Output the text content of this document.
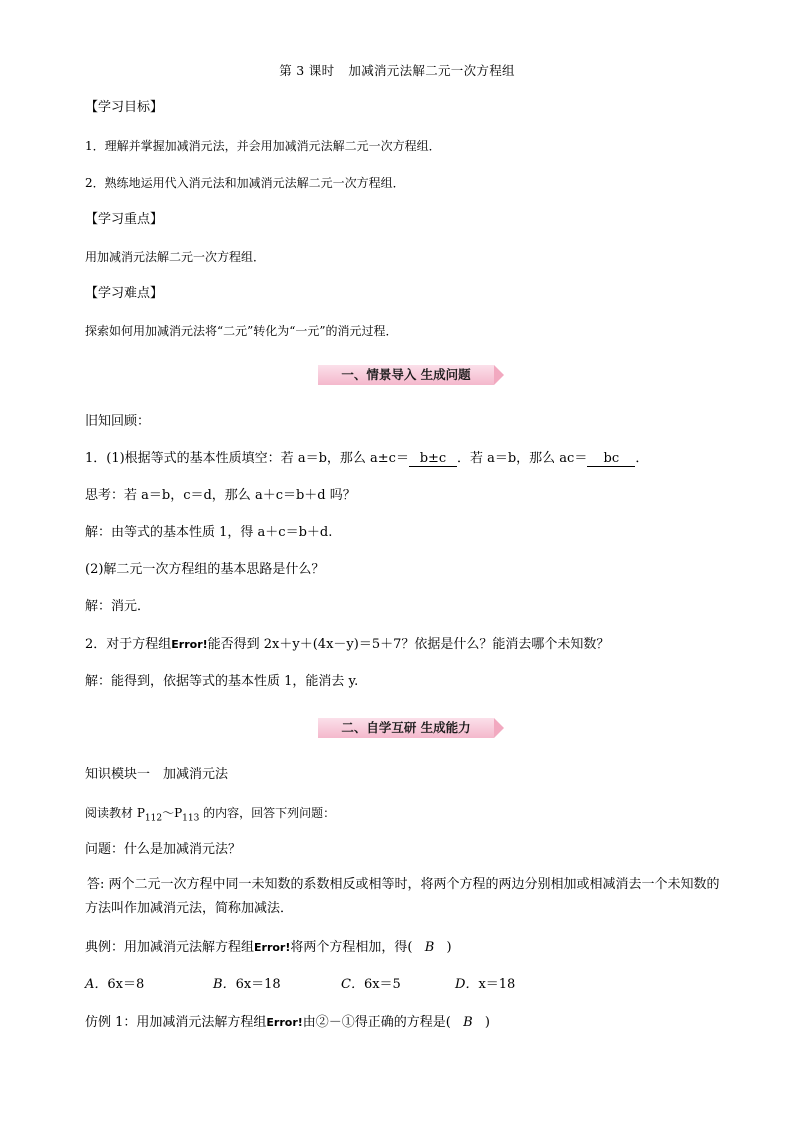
第 3 课时 加减消元法解二元一次方程组
【学习目标】
1．理解并掌握加减消元法，并会用加减消元法解二元一次方程组．
2．熟练地运用代入消元法和加减消元法解二元一次方程组．
【学习重点】
用加减消元法解二元一次方程组．
【学习难点】
探索如何用加减消元法将“二元”转化为“一元”的消元过程．
一、情景导入 生成问题
旧知回顾：
1．(1)根据等式的基本性质填空：若 a＝b，那么 a±c＝ b±c ．若 a＝b，那么 ac＝ bc ．
思考：若 a＝b，c＝d，那么 a＋c＝b＋d 吗？
解：由等式的基本性质 1，得 a＋c＝b＋d.
(2)解二元一次方程组的基本思路是什么？
解：消元．
2．对于方程组Error!能否得到 2x＋y＋(4x－y)＝5＋7？依据是什么？能消去哪个未知数？
解：能得到，依据等式的基本性质 1，能消去 y.
二、自学互研 生成能力
知识模块一　加减消元法
阅读教材 $P_{112}\sim P_{113}$ 的内容，回答下列问题：
问题：什么是加减消元法？
答: 两个二元一次方程中同一未知数的系数相反或相等时，将两个方程的两边分别相加或相减消去一个未知数的方法叫作加减消元法，简称加减法．
典例：用加减消元法解方程组Error!将两个方程相加，得( B )
A．6x＝8	B．6x＝18	C．6x＝5	D．x＝18
仿例 1：用加减消元法解方程组Error!由②－①得正确的方程是( B )
